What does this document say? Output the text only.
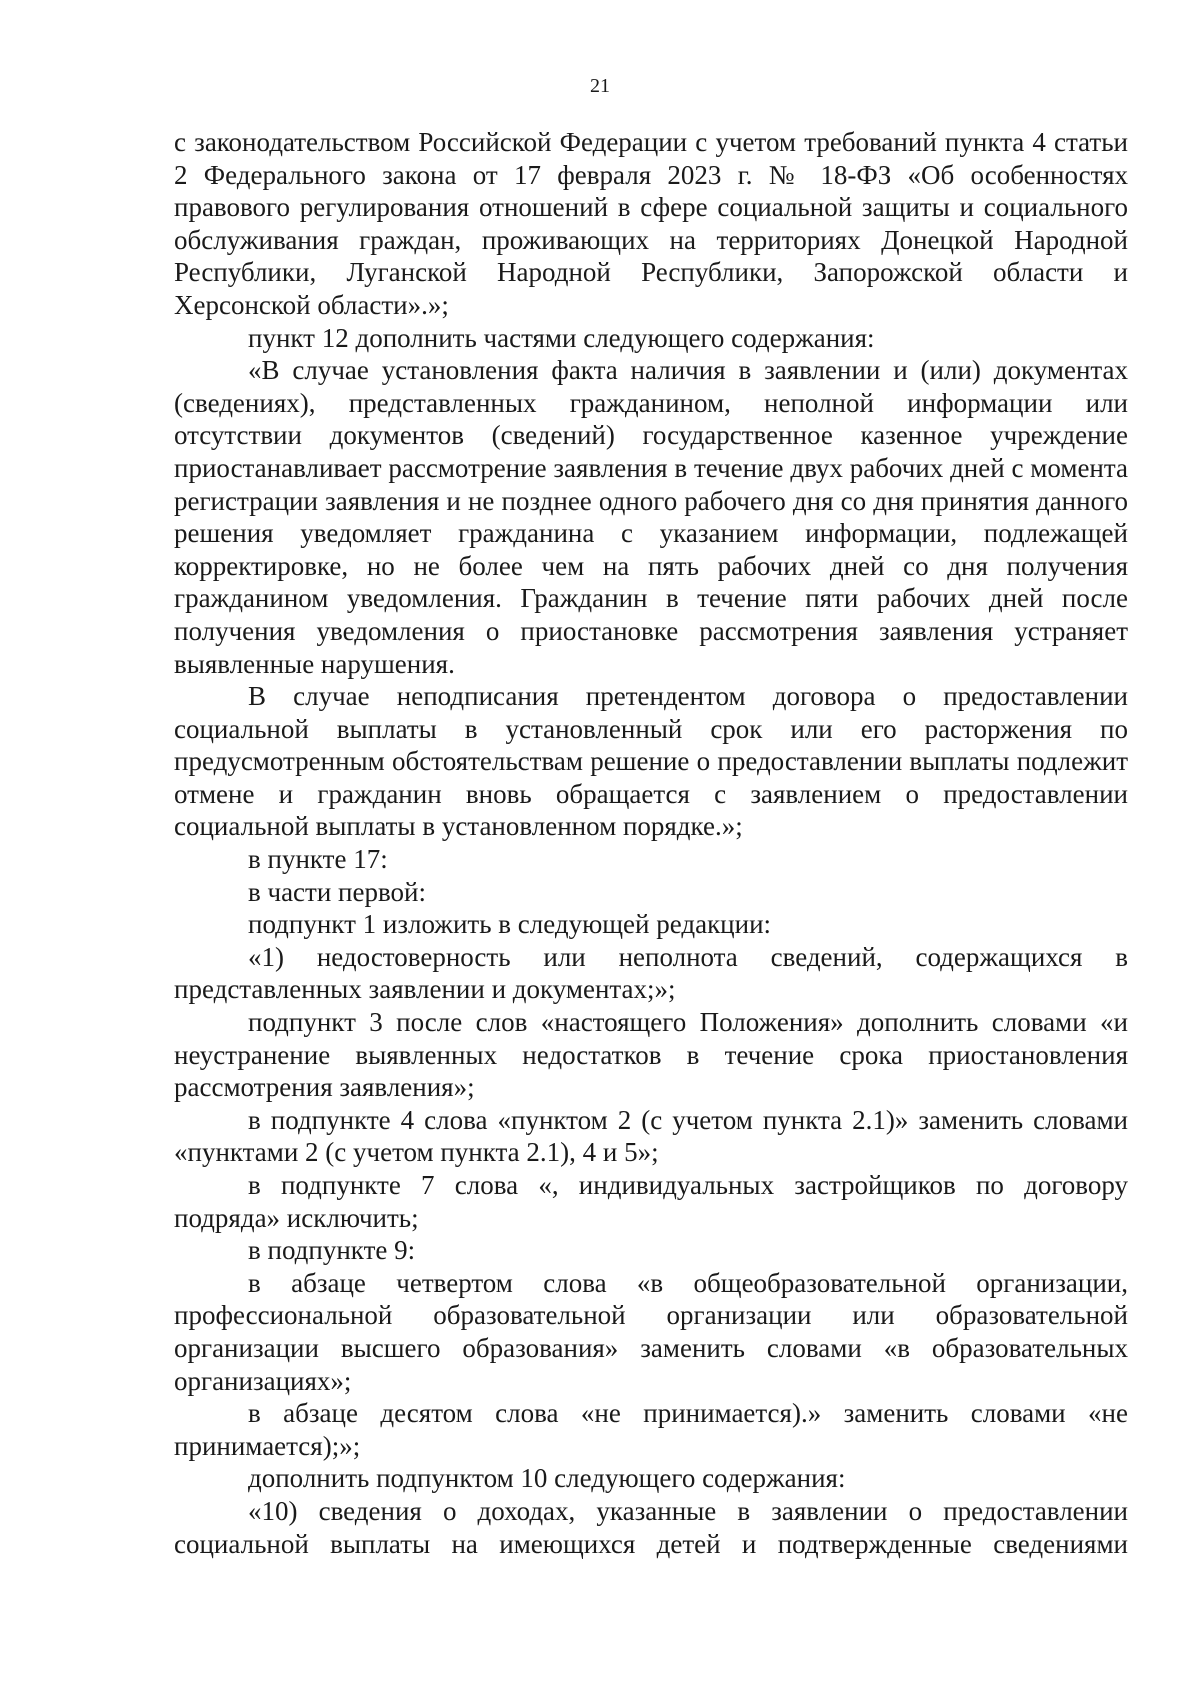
21

с законодательством Российской Федерации с учетом требований пункта 4 статьи 2 Федерального закона от 17 февраля 2023 г. № 18-ФЗ «Об особенностях правового регулирования отношений в сфере социальной защиты и социального обслуживания граждан, проживающих на территориях Донецкой Народной Республики, Луганской Народной Республики, Запорожской области и Херсонской области».»;

пункт 12 дополнить частями следующего содержания:

«В случае установления факта наличия в заявлении и (или) документах (сведениях), представленных гражданином, неполной информации или отсутствии документов (сведений) государственное казенное учреждение приостанавливает рассмотрение заявления в течение двух рабочих дней с момента регистрации заявления и не позднее одного рабочего дня со дня принятия данного решения уведомляет гражданина с указанием информации, подлежащей корректировке, но не более чем на пять рабочих дней со дня получения гражданином уведомления. Гражданин в течение пяти рабочих дней после получения уведомления о приостановке рассмотрения заявления устраняет выявленные нарушения.

В случае неподписания претендентом договора о предоставлении социальной выплаты в установленный срок или его расторжения по предусмотренным обстоятельствам решение о предоставлении выплаты подлежит отмене и гражданин вновь обращается с заявлением о предоставлении социальной выплаты в установленном порядке.»;

в пункте 17:

в части первой:

подпункт 1 изложить в следующей редакции:

«1) недостоверность или неполнота сведений, содержащихся в представленных заявлении и документах;»;

подпункт 3 после слов «настоящего Положения» дополнить словами «и неустранение выявленных недостатков в течение срока приостановления рассмотрения заявления»;

в подпункте 4 слова «пунктом 2 (с учетом пункта 2.1)» заменить словами «пунктами 2 (с учетом пункта 2.1), 4 и 5»;

в подпункте 7 слова «, индивидуальных застройщиков по договору подряда» исключить;

в подпункте 9:

в абзаце четвертом слова «в общеобразовательной организации, профессиональной образовательной организации или образовательной организации высшего образования» заменить словами «в образовательных организациях»;

в абзаце десятом слова «не принимается).» заменить словами «не принимается);»;

дополнить подпунктом 10 следующего содержания:

«10) сведения о доходах, указанные в заявлении о предоставлении социальной выплаты на имеющихся детей и подтвержденные сведениями
